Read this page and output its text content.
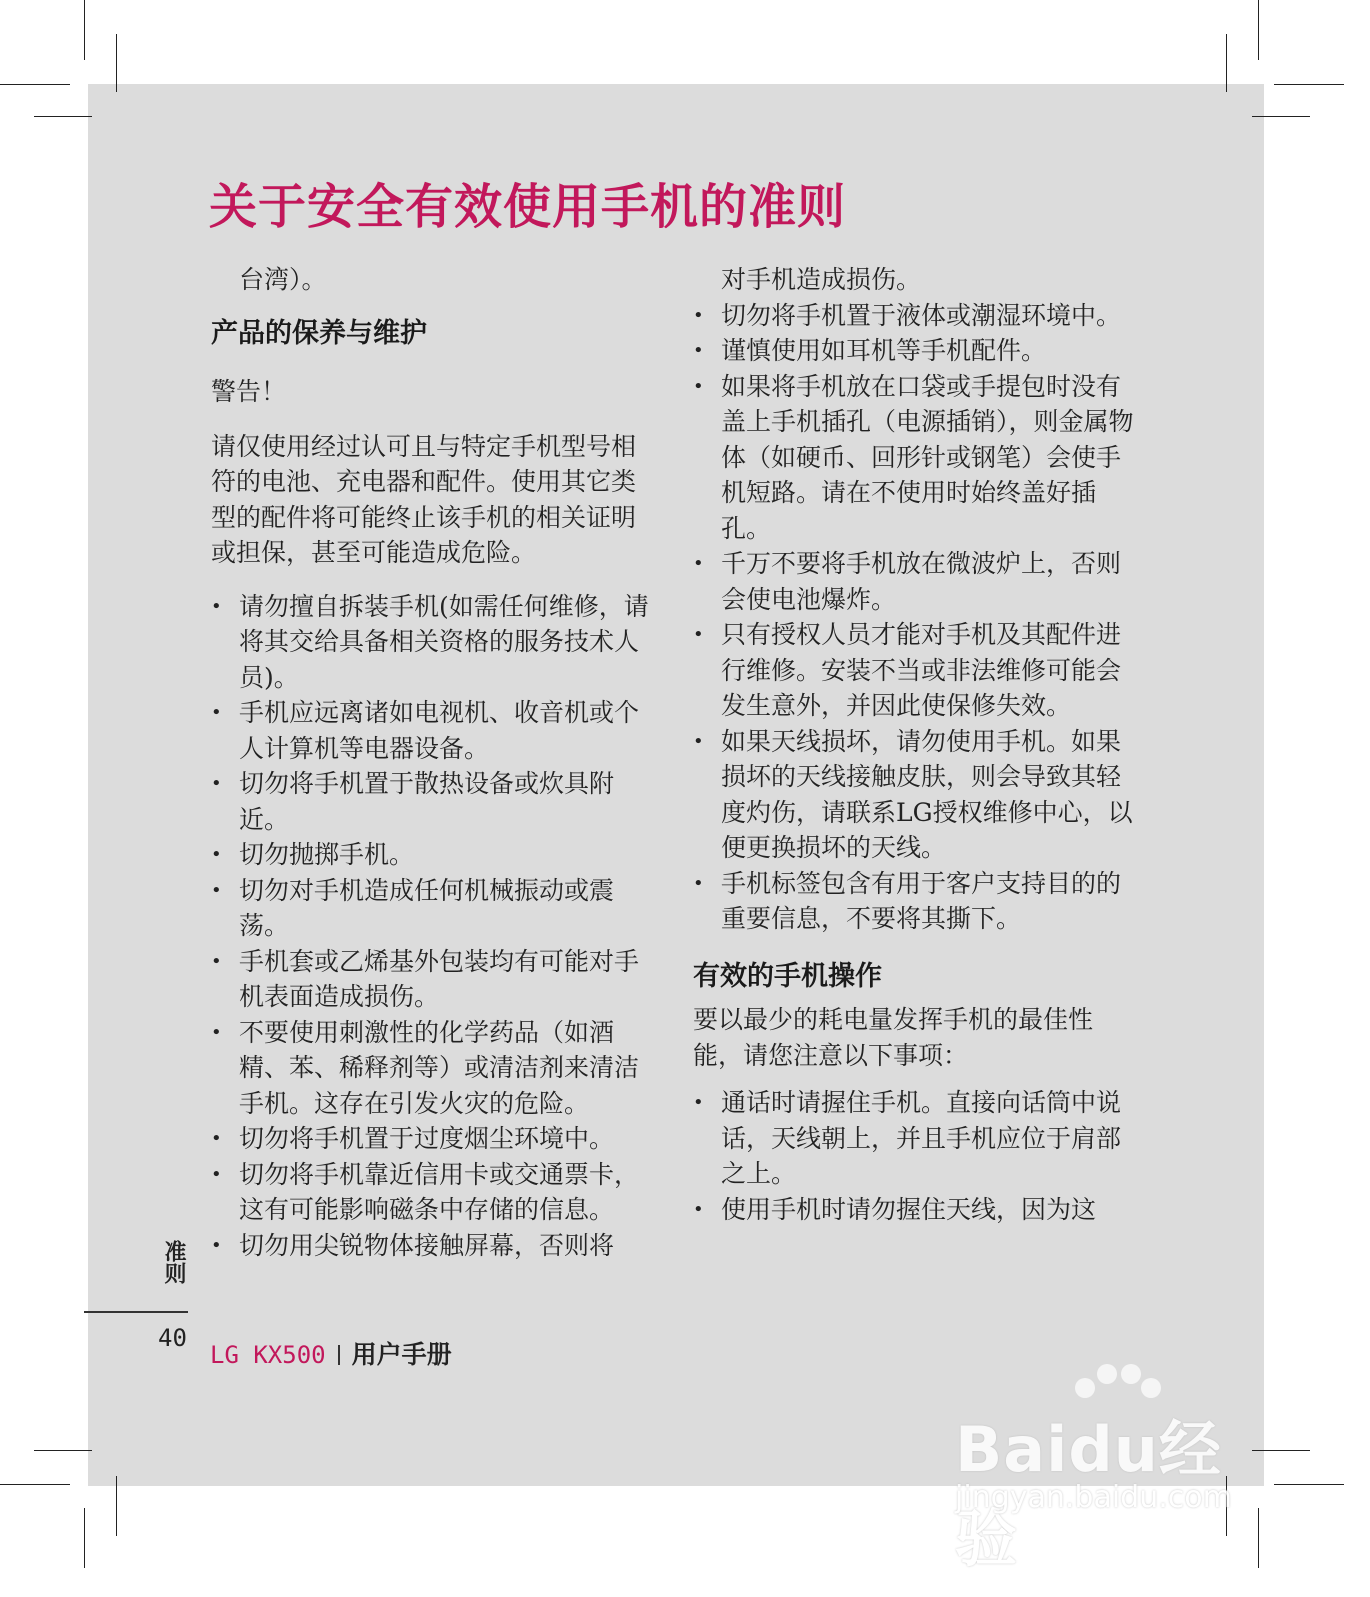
关于安全有效使用手机的准则

台湾）。

产品的保养与维护

警告！

请仅使用经过认可且与特定手机型号相符的电池、充电器和配件。使用其它类型的配件将可能终止该手机的相关证明或担保，甚至可能造成危险。

• 请勿擅自拆装手机(如需任何维修，请将其交给具备相关资格的服务技术人员)。
• 手机应远离诸如电视机、收音机或个人计算机等电器设备。
• 切勿将手机置于散热设备或炊具附近。
• 切勿抛掷手机。
• 切勿对手机造成任何机械振动或震荡。
• 手机套或乙烯基外包装均有可能对手机表面造成损伤。
• 不要使用刺激性的化学药品（如酒精、苯、稀释剂等）或清洁剂来清洁手机。这存在引发火灾的危险。
• 切勿将手机置于过度烟尘环境中。
• 切勿将手机靠近信用卡或交通票卡，这有可能影响磁条中存储的信息。
• 切勿用尖锐物体接触屏幕，否则将

对手机造成损伤。

• 切勿将手机置于液体或潮湿环境中。
• 谨慎使用如耳机等手机配件。
• 如果将手机放在口袋或手提包时没有盖上手机插孔（电源插销），则金属物体（如硬币、回形针或钢笔）会使手机短路。请在不使用时始终盖好插孔。
• 千万不要将手机放在微波炉上，否则会使电池爆炸。
• 只有授权人员才能对手机及其配件进行维修。安装不当或非法维修可能会发生意外，并因此使保修失效。
• 如果天线损坏，请勿使用手机。如果损坏的天线接触皮肤，则会导致其轻度灼伤，请联系LG授权维修中心，以便更换损坏的天线。
• 手机标签包含有用于客户支持目的的重要信息，不要将其撕下。

有效的手机操作

要以最少的耗电量发挥手机的最佳性能，请您注意以下事项：

• 通话时请握住手机。直接向话筒中说话，天线朝上，并且手机应位于肩部之上。
• 使用手机时请勿握住天线，因为这
准则
40
LG KX500 用户手册
Baidu经验
jingyan.baidu.com
